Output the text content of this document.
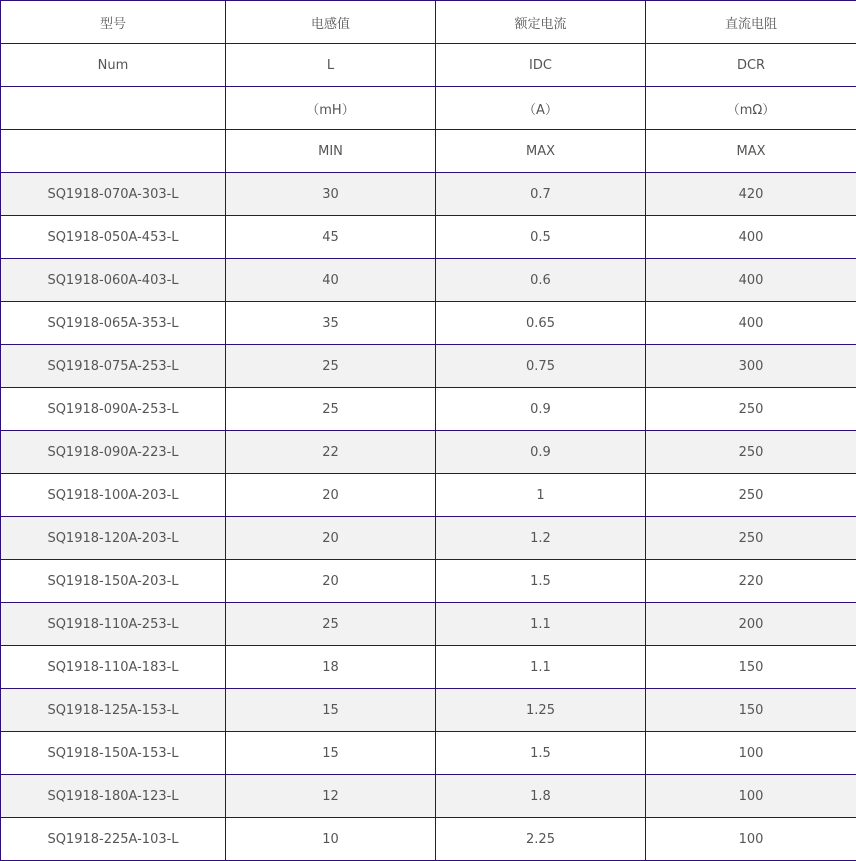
型号	电感值	额定电流	直流电阻
Num	L	IDC	DCR
	（mH）	（A）	（mΩ）
	MIN	MAX	MAX
SQ1918-070A-303-L	30	0.7	420
SQ1918-050A-453-L	45	0.5	400
SQ1918-060A-403-L	40	0.6	400
SQ1918-065A-353-L	35	0.65	400
SQ1918-075A-253-L	25	0.75	300
SQ1918-090A-253-L	25	0.9	250
SQ1918-090A-223-L	22	0.9	250
SQ1918-100A-203-L	20	1	250
SQ1918-120A-203-L	20	1.2	250
SQ1918-150A-203-L	20	1.5	220
SQ1918-110A-253-L	25	1.1	200
SQ1918-110A-183-L	18	1.1	150
SQ1918-125A-153-L	15	1.25	150
SQ1918-150A-153-L	15	1.5	100
SQ1918-180A-123-L	12	1.8	100
SQ1918-225A-103-L	10	2.25	100
